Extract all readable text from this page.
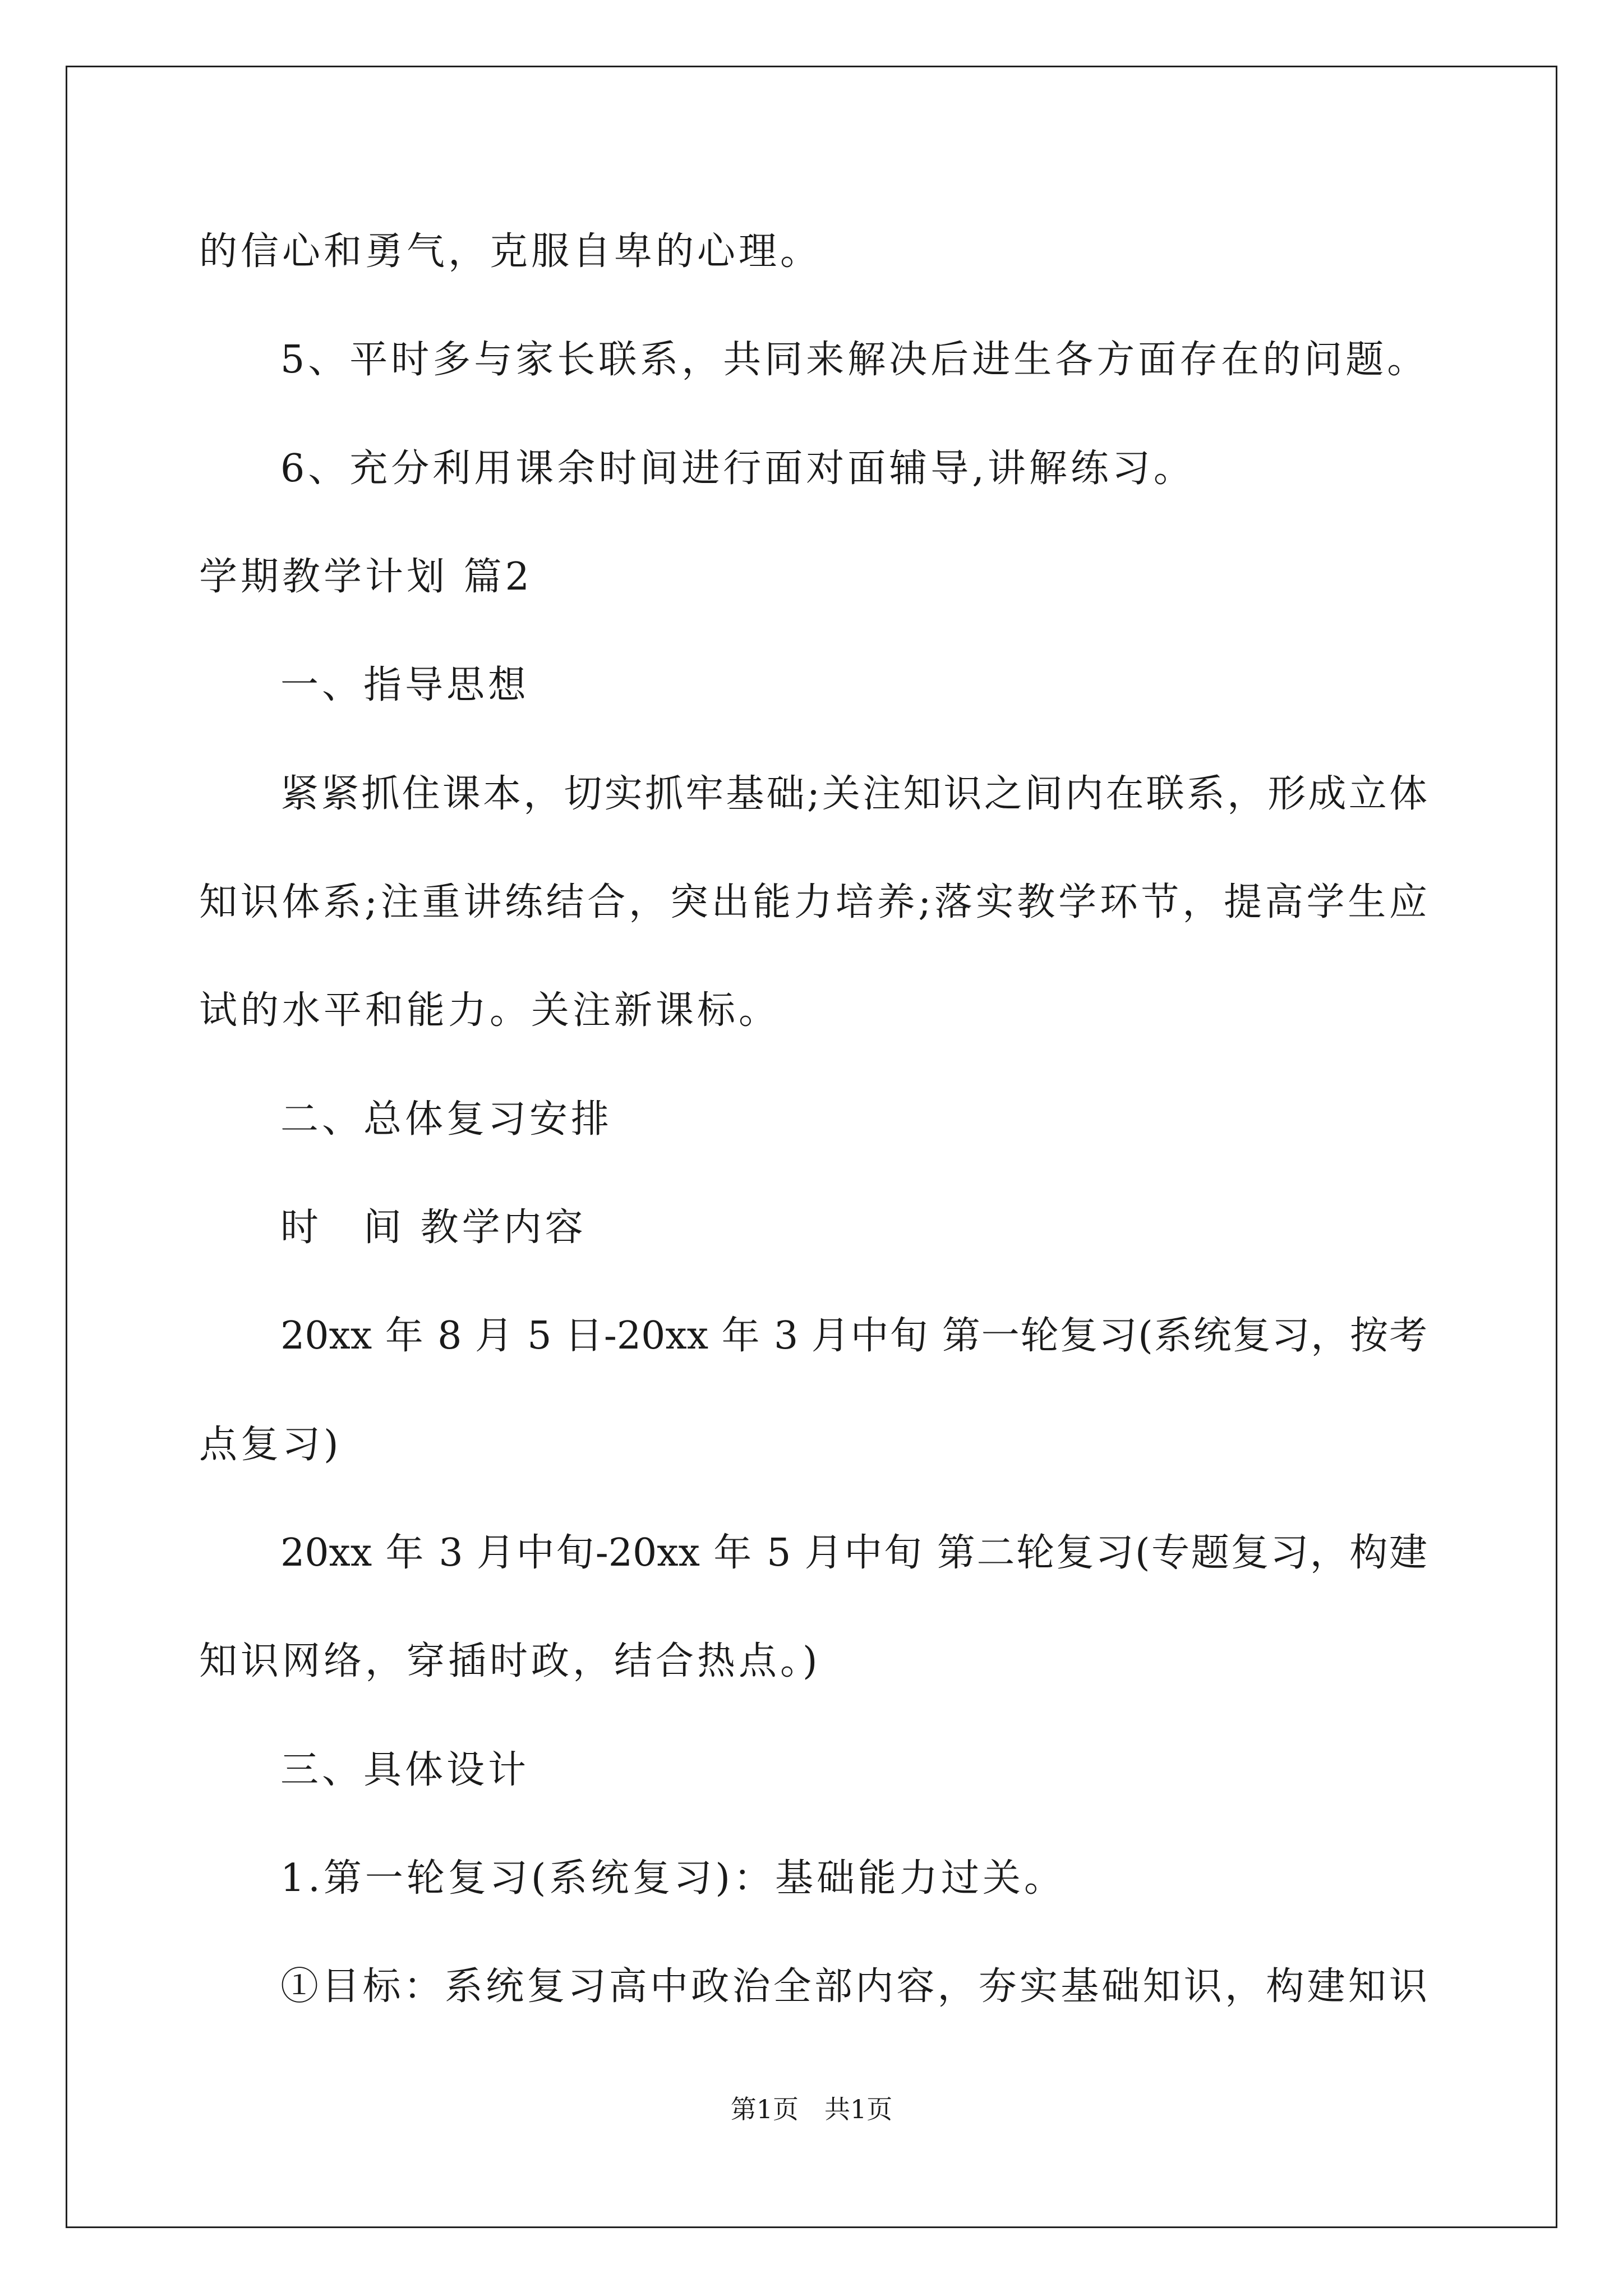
的信心和勇气，克服自卑的心理。
5、平时多与家长联系，共同来解决后进生各方面存在的问题。
6、充分利用课余时间进行面对面辅导,讲解练习。
学期教学计划 篇2
一、指导思想
紧紧抓住课本，切实抓牢基础;关注知识之间内在联系，形成立体
知识体系;注重讲练结合，突出能力培养;落实教学环节，提高学生应
试的水平和能力。关注新课标。
二、总体复习安排
时　间 教学内容
20xx 年 8 月 5 日-20xx 年 3 月中旬 第一轮复习(系统复习，按考
点复习)
20xx 年 3 月中旬-20xx 年 5 月中旬 第二轮复习(专题复习，构建
知识网络，穿插时政，结合热点。)
三、具体设计
1.第一轮复习(系统复习)：基础能力过关。
①目标：系统复习高中政治全部内容，夯实基础知识，构建知识
第1页　共1页
